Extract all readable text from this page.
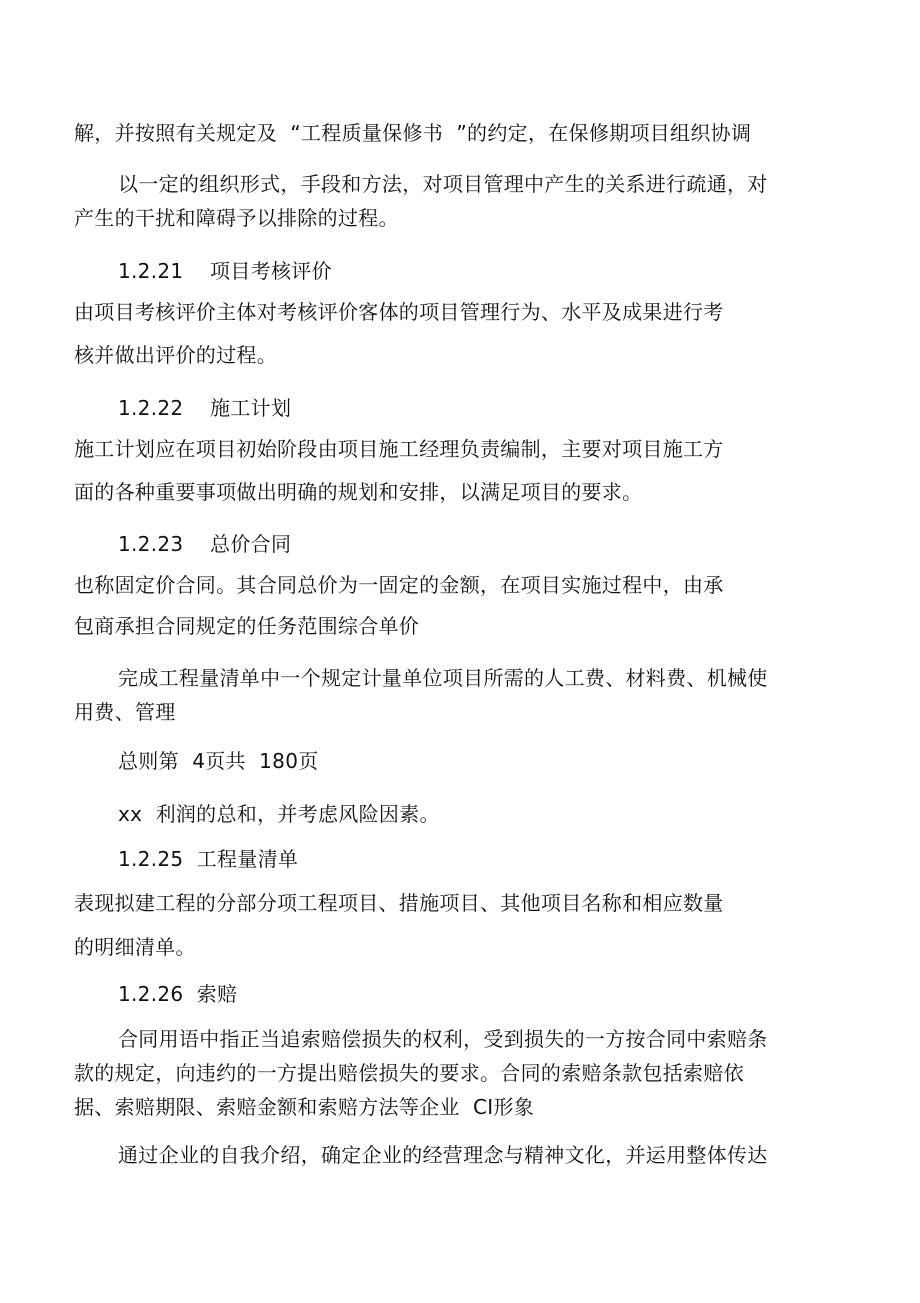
解，并按照有关规定及  “工程质量保修书  ”的约定，在保修期项目组织协调
以一定的组织形式，手段和方法，对项目管理中产生的关系进行疏通，对
产生的干扰和障碍予以排除的过程。
1.2.21    项目考核评价
由项目考核评价主体对考核评价客体的项目管理行为、水平及成果进行考
核并做出评价的过程。
1.2.22    施工计划
施工计划应在项目初始阶段由项目施工经理负责编制，主要对项目施工方
面的各种重要事项做出明确的规划和安排，以满足项目的要求。
1.2.23    总价合同
也称固定价合同。其合同总价为一固定的金额，在项目实施过程中，由承
包商承担合同规定的任务范围综合单价
完成工程量清单中一个规定计量单位项目所需的人工费、材料费、机械使
用费、管理
总则第  4页共  180页
xx  利润的总和，并考虑风险因素。
1.2.25  工程量清单
表现拟建工程的分部分项工程项目、措施项目、其他项目名称和相应数量
的明细清单。
1.2.26  索赔
合同用语中指正当追索赔偿损失的权利，受到损失的一方按合同中索赔条
款的规定，向违约的一方提出赔偿损失的要求。合同的索赔条款包括索赔依
据、索赔期限、索赔金额和索赔方法等企业  CI形象
通过企业的自我介绍，确定企业的经营理念与精神文化，并运用整体传达
